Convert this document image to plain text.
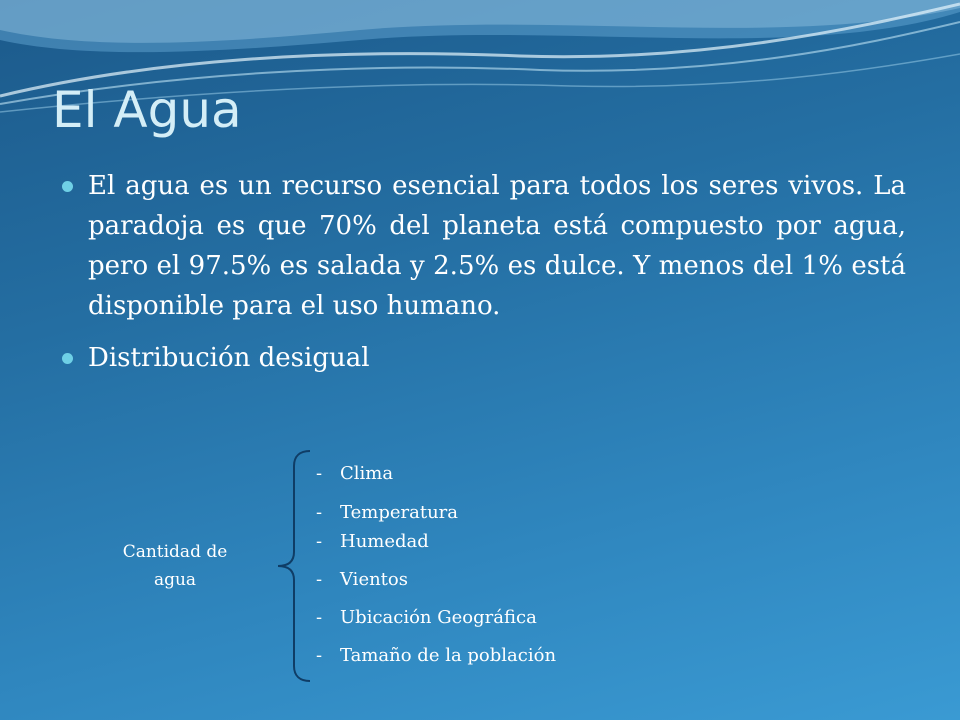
El Agua
El agua es un recurso esencial para todos los seres vivos. La paradoja es que 70% del planeta está compuesto por agua, pero el 97.5% es salada y 2.5% es dulce. Y menos del 1% está disponible para el uso humano.
Distribución desigual
Cantidad de
agua

- Clima

- Temperatura

- Humedad

- Vientos

- Ubicación Geográfica

- Tamaño de la población
